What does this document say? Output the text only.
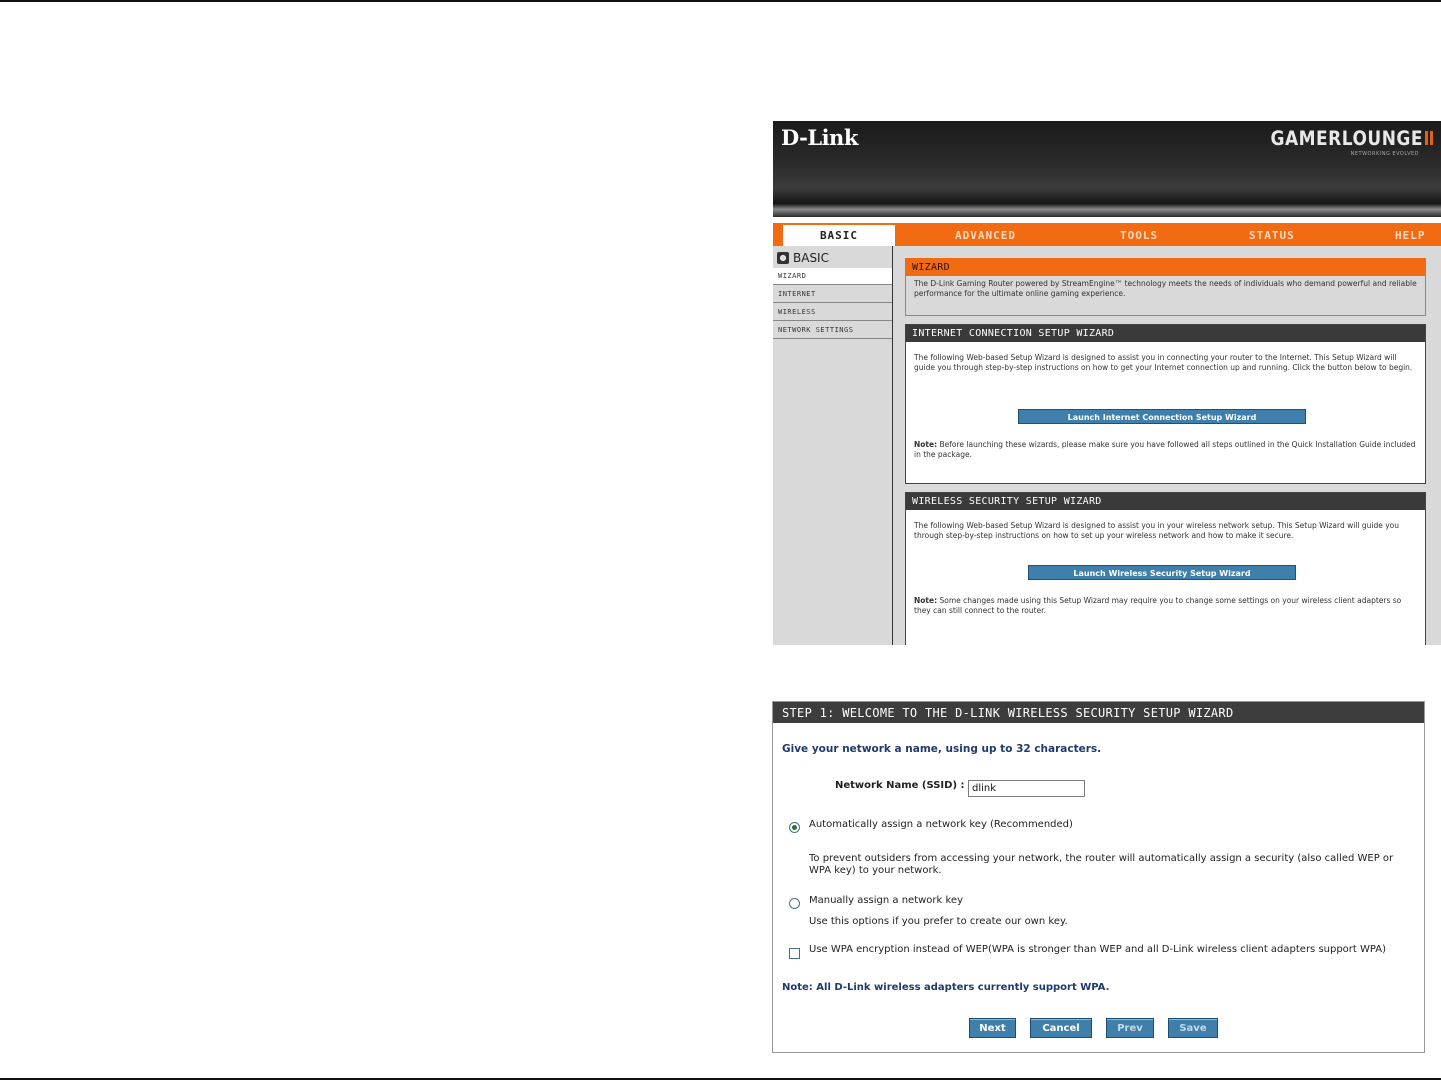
D-Link	GAMERLOUNGE
NETWORKING EVOLVED
BASIC	ADVANCED	TOOLS	STATUS	HELP
BASIC
WIZARD
INTERNET
WIRELESS
NETWORK SETTINGS
WIZARD
The D-Link Gaming Router powered by StreamEngine™ technology meets the needs of individuals who demand powerful and reliable performance for the ultimate online gaming experience.
INTERNET CONNECTION SETUP WIZARD
The following Web-based Setup Wizard is designed to assist you in connecting your router to the Internet. This Setup Wizard will guide you through step-by-step instructions on how to get your Internet connection up and running. Click the button below to begin.
Launch Internet Connection Setup Wizard
Note: Before launching these wizards, please make sure you have followed all steps outlined in the Quick Installation Guide included in the package.
WIRELESS SECURITY SETUP WIZARD
The following Web-based Setup Wizard is designed to assist you in your wireless network setup. This Setup Wizard will guide you through step-by-step instructions on how to set up your wireless network and how to make it secure.
Launch Wireless Security Setup Wizard
Note: Some changes made using this Setup Wizard may require you to change some settings on your wireless client adapters so they can still connect to the router.
STEP 1: WELCOME TO THE D-LINK WIRELESS SECURITY SETUP WIZARD
Give your network a name, using up to 32 characters.
Network Name (SSID) : dlink
Automatically assign a network key (Recommended)
To prevent outsiders from accessing your network, the router will automatically assign a security (also called WEP or WPA key) to your network.
Manually assign a network key
Use this options if you prefer to create our own key.
Use WPA encryption instead of WEP(WPA is stronger than WEP and all D-Link wireless client adapters support WPA)
Note: All D-Link wireless adapters currently support WPA.
Next	Cancel	Prev	Save
